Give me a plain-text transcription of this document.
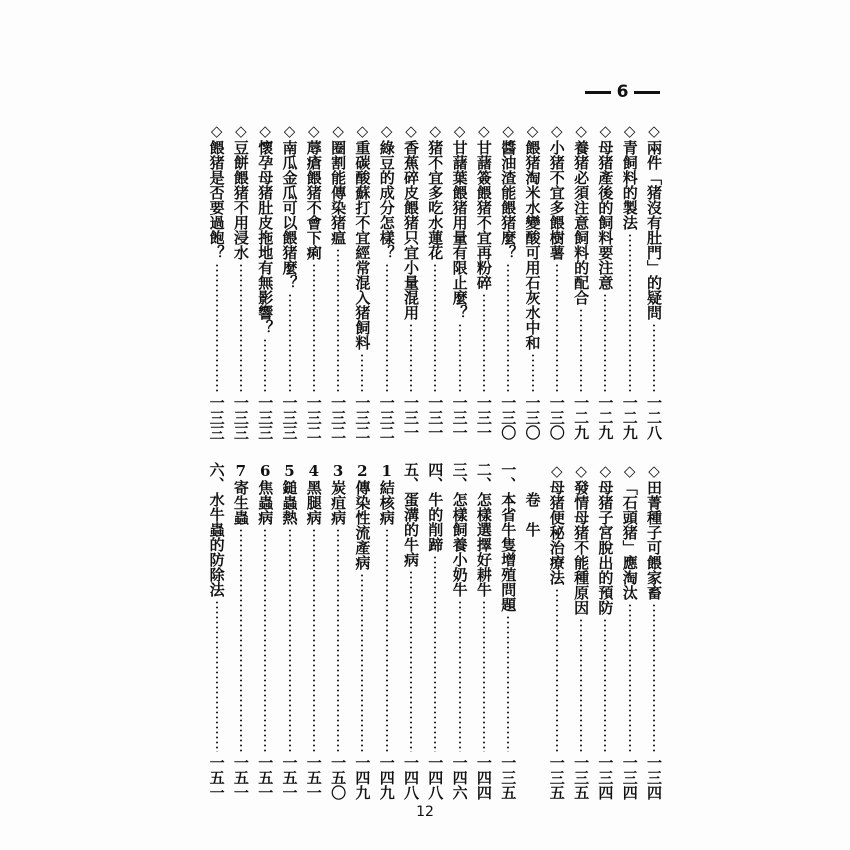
6
◇兩件「猪沒有肚門」的疑問
一二八
◇青飼料的製法
一二九
◇母猪產後的飼料要注意
一二九
◇養猪必須注意飼料的配合
一二九
◇小猪不宜多餵樹薯
一三〇
◇餵猪淘米水變酸可用石灰水中和
一三〇
◇醬油渣能餵猪麼？
一三〇
◇甘藷簽餵猪不宜再粉碎
一三一
◇甘藷葉餵猪用量有限止麼？
一三一
◇猪不宜多吃水蓮花
一三一
◇香蕉碎皮餵猪只宜小量混用
一三一
◇綠豆的成分怎樣？
一三二
◇重碳酸蘇打不宜經常混入猪飼料
一三二
◇圈割能傳染猪瘟
一三二
◇蓐瘡餵猪不會下痢
一三二
◇南瓜金瓜可以餵猪麼？
一三三
◇懷孕母猪肚皮拖地有無影響？
一三三
◇豆餅餵猪不用浸水
一三三
◇餵猪是否要過飽？
一三三
◇田菁種子可餵家畜
一三四
◇「石頭猪」應淘汰
一三四
◇母猪子宮脫出的預防
一三四
◇發情母猪不能種原因
一三五
◇母猪便秘治療法
一三五
　　卷　牛
一、本省牛隻增殖問題
一三五
二、怎樣選擇好耕牛
一四四
三、怎樣飼養小奶牛
一四六
四、牛的削蹄
一四八
五、蛋溝的牛病
一四八
1結核病
一四九
2傳染性流產病
一四九
3炭疽病
一五〇
4黑腿病
一五一
5鎚蟲熱
一五一
6焦蟲病
一五一
7寄生蟲
一五一
六、水牛蟲的防除法
一五一
12
